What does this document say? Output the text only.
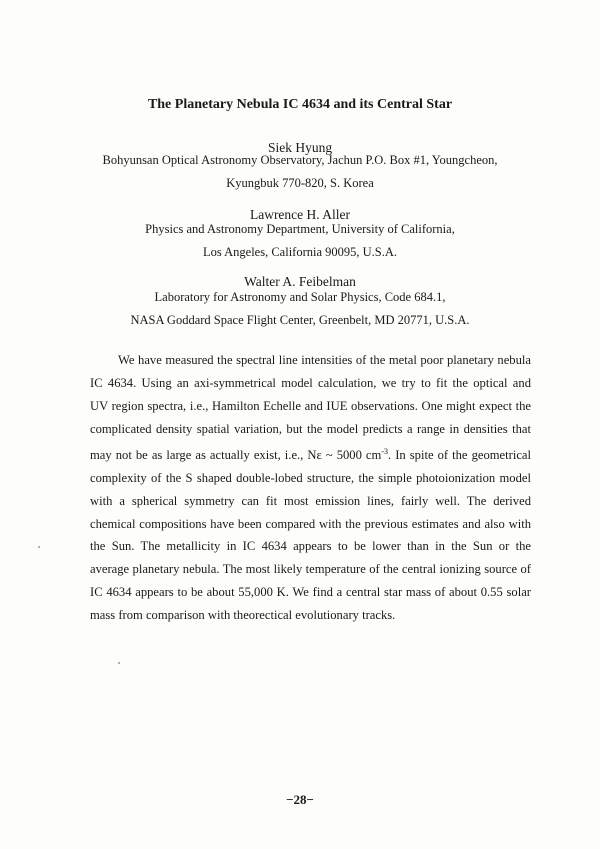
The Planetary Nebula IC 4634 and its Central Star
Siek Hyung
Bohyunsan Optical Astronomy Observatory, Jachun P.O. Box #1, Youngcheon,
Kyungbuk 770-820, S. Korea
Lawrence H. Aller
Physics and Astronomy Department, University of California,
Los Angeles, California 90095, U.S.A.
Walter A. Feibelman
Laboratory for Astronomy and Solar Physics, Code 684.1,
NASA Goddard Space Flight Center, Greenbelt, MD 20771, U.S.A.
We have measured the spectral line intensities of the metal poor planetary nebula
IC 4634. Using an axi-symmetrical model calculation, we try to fit the optical and
UV region spectra, i.e., Hamilton Echelle and IUE observations. One might expect the
complicated density spatial variation, but the model predicts a range in densities that
may not be as large as actually exist, i.e., Nε ~ 5000 $cm^{-3}$. In spite of the geometrical
complexity of the S shaped double-lobed structure, the simple photoionization model
with a spherical symmetry can fit most emission lines, fairly well. The derived
chemical compositions have been compared with the previous estimates and also with
the Sun. The metallicity in IC 4634 appears to be lower than in the Sun or the
average planetary nebula. The most likely temperature of the central ionizing source of
IC 4634 appears to be about 55,000 K. We find a central star mass of about 0.55 solar
mass from comparison with theorectical evolutionary tracks.
−28−
